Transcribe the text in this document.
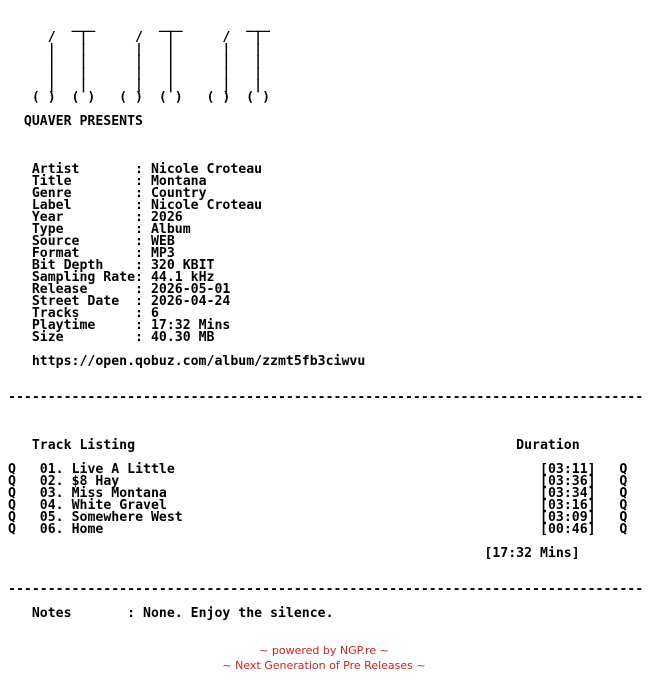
___        ___        ___
/   |      /   |      /   |
|   |      |   |      |   |
|   |      |   |      |   |
|   |      |   |      |   |
|   |      |   |      |   |
( )  ( )   ( )  ( )   ( )  ( )
QUAVER PRESENTS
Artist       : Nicole Croteau
Title        : Montana
Genre        : Country
Label        : Nicole Croteau
Year         : 2026
Type         : Album
Source       : WEB
Format       : MP3
Bit Depth    : 320 KBIT
Sampling Rate: 44.1 kHz
Release      : 2026-05-01
Street Date  : 2026-04-24
Tracks       : 6
Playtime     : 17:32 Mins
Size         : 40.30 MB
https://open.qobuz.com/album/zzmt5fb3ciwvu
--------------------------------------------------------------------------------
Track Listing                                                Duration
Q 01. Live A Little                                              [03:11] Q
Q 02. $8 Hay                                                     [03:36] Q
Q 03. Miss Montana                                               [03:34] Q
Q 04. White Gravel                                               [03:16] Q
Q 05. Somewhere West                                             [03:09] Q
Q 06. Home                                                       [00:46] Q
[17:32 Mins]
--------------------------------------------------------------------------------
Notes       : None. Enjoy the silence.
~ powered by NGP.re ~
~ Next Generation of Pre Releases ~
